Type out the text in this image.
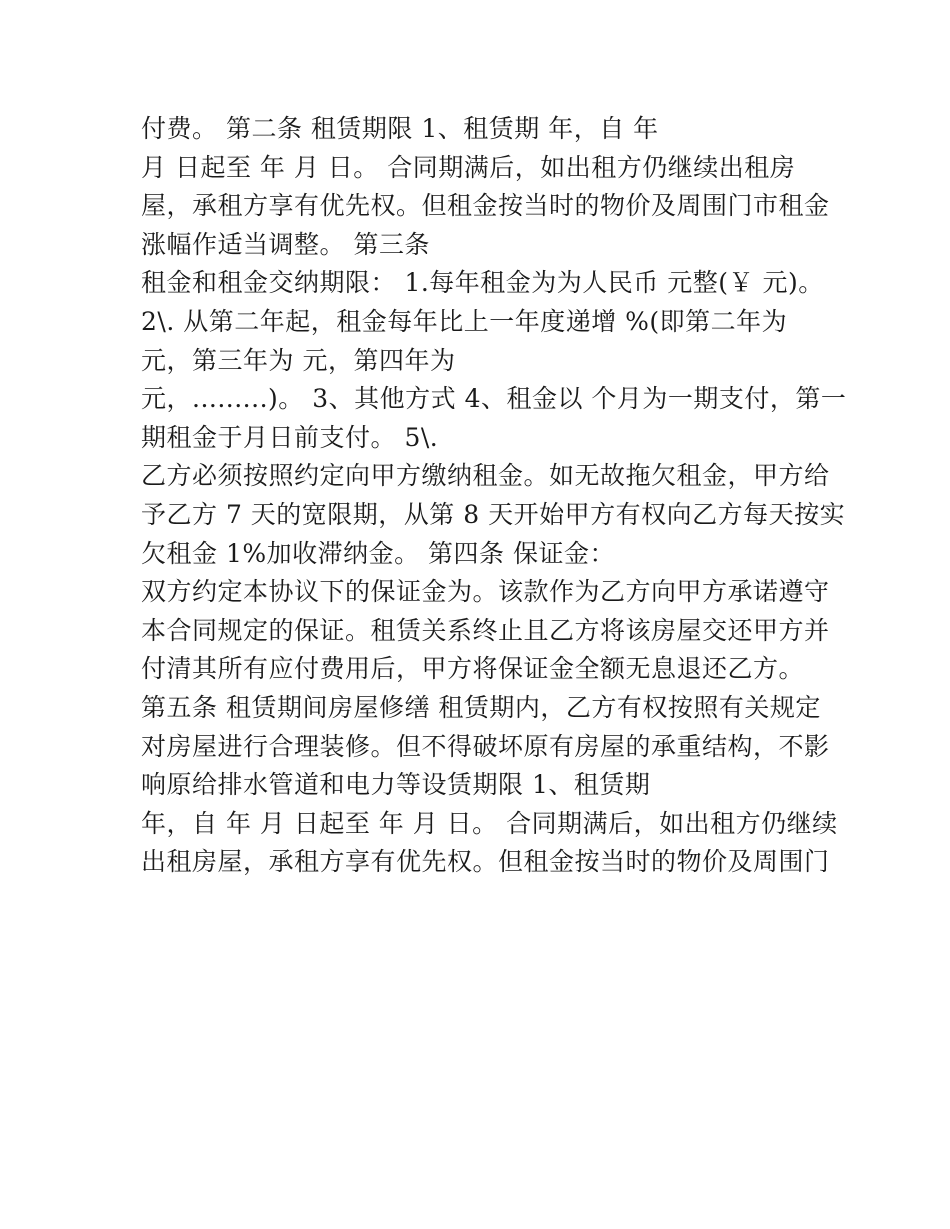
付费。 第二条 租赁期限 1、租赁期 年，自 年
月 日起至 年 月 日。 合同期满后，如出租方仍继续出租房
屋，承租方享有优先权。但租金按当时的物价及周围门市租金
涨幅作适当调整。 第三条
租金和租金交纳期限： 1.每年租金为为人民币 元整(￥ 元)。
2\. 从第二年起，租金每年比上一年度递增 %(即第二年为
元，第三年为 元，第四年为
元，.........)。 3、其他方式 4、租金以 个月为一期支付，第一
期租金于月日前支付。 5\.
乙方必须按照约定向甲方缴纳租金。如无故拖欠租金，甲方给
予乙方 7 天的宽限期，从第 8 天开始甲方有权向乙方每天按实
欠租金 1%加收滞纳金。 第四条 保证金：
双方约定本协议下的保证金为。该款作为乙方向甲方承诺遵守
本合同规定的保证。租赁关系终止且乙方将该房屋交还甲方并
付清其所有应付费用后，甲方将保证金全额无息退还乙方。
第五条 租赁期间房屋修缮 租赁期内，乙方有权按照有关规定
对房屋进行合理装修。但不得破坏原有房屋的承重结构，不影
响原给排水管道和电力等设赁期限 1、租赁期
年，自 年 月 日起至 年 月 日。 合同期满后，如出租方仍继续
出租房屋，承租方享有优先权。但租金按当时的物价及周围门
